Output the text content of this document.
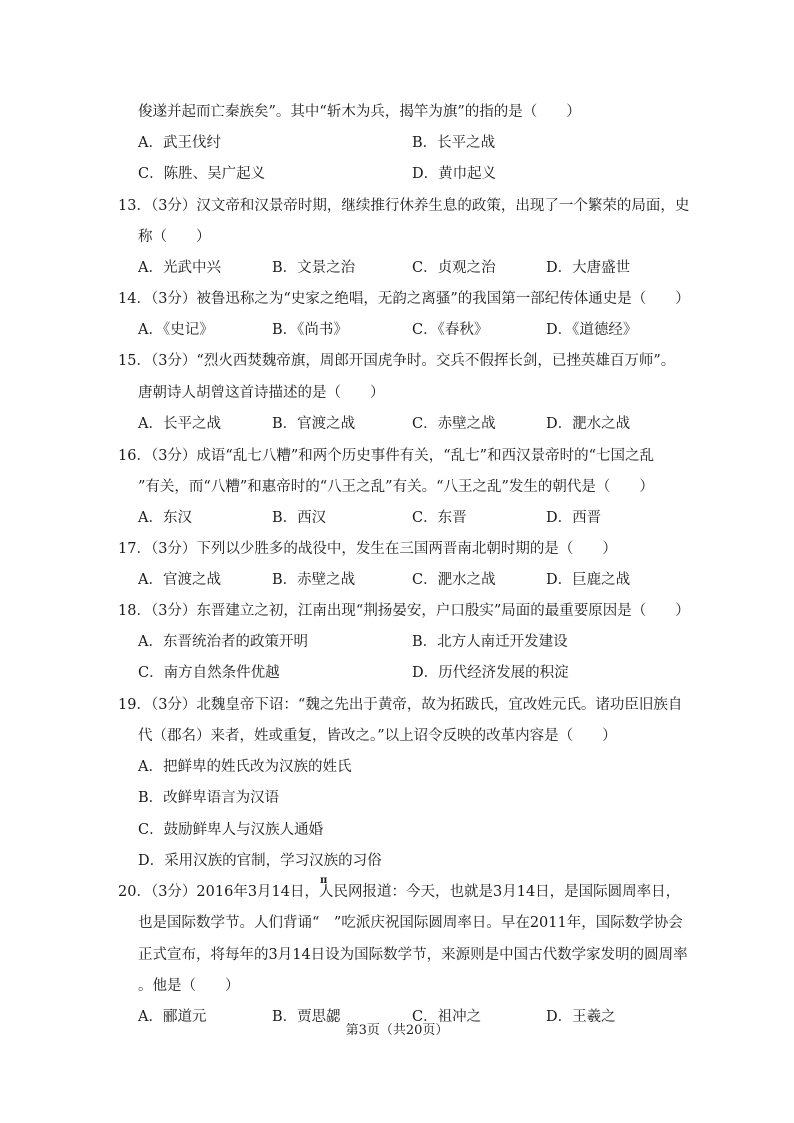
俊遂并起而亡秦族矣”。其中“斩木为兵，揭竿为旗”的指的是（　　）
A．武王伐纣	B．长平之战
C．陈胜、吴广起义	D．黄巾起义
13．（3分）汉文帝和汉景帝时期，继续推行休养生息的政策，出现了一个繁荣的局面，史
称（　　）
A．光武中兴	B．文景之治	C．贞观之治	D．大唐盛世
14．（3分）被鲁迅称之为“史家之绝唱，无韵之离骚”的我国第一部纪传体通史是（　　）
A．《史记》	B．《尚书》	C．《春秋》	D．《道德经》
15．（3分）“烈火西焚魏帝旗，周郎开国虎争时。交兵不假挥长剑，已挫英雄百万师”。
唐朝诗人胡曾这首诗描述的是（　　）
A．长平之战	B．官渡之战	C．赤壁之战	D．淝水之战
16．（3分）成语“乱七八糟”和两个历史事件有关，“乱七”和西汉景帝时的“七国之乱
”有关，而“八糟”和惠帝时的“八王之乱”有关。“八王之乱”发生的朝代是（　　）
A．东汉	B．西汉	C．东晋	D．西晋
17．（3分）下列以少胜多的战役中，发生在三国两晋南北朝时期的是（　　）
A．官渡之战	B．赤壁之战	C．淝水之战	D．巨鹿之战
18．（3分）东晋建立之初，江南出现“荆扬晏安，户口殷实”局面的最重要原因是（　　）
A．东晋统治者的政策开明	B．北方人南迁开发建设
C．南方自然条件优越	D．历代经济发展的积淀
19．（3分）北魏皇帝下诏：“魏之先出于黄帝，故为拓跋氏，宜改姓元氏。诸功臣旧族自
代（郡名）来者，姓或重复，皆改之。”以上诏令反映的改革内容是（　　）
A．把鲜卑的姓氏改为汉族的姓氏
B．改鲜卑语言为汉语
C．鼓励鲜卑人与汉族人通婚
D．采用汉族的官制，学习汉族的习俗
20．（3分）2016年3月14日，人民网报道：今天，也就是3月14日，是国际圆周率日，
π
也是国际数学节。人们背诵“　”吃派庆祝国际圆周率日。早在2011年，国际数学协会
正式宣布，将每年的3月14日设为国际数学节，来源则是中国古代数学家发明的圆周率
。他是（　　）
A．郦道元	B．贾思勰	C．祖冲之	D．王羲之
第3页（共20页）
